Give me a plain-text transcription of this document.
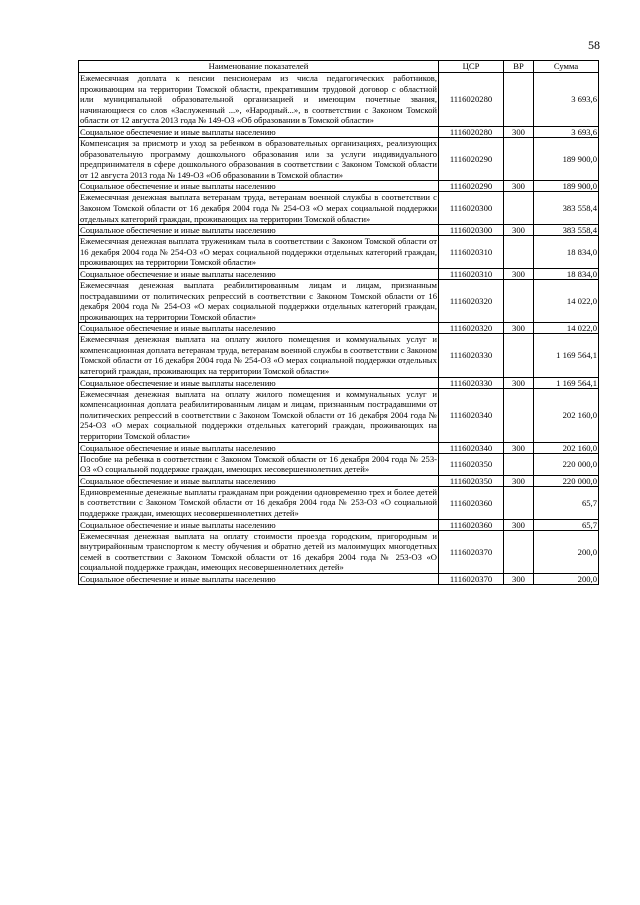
58
Наименование показателей	ЦСР	ВР	Сумма
Ежемесячная доплата к пенсии пенсионерам из числа педагогических работников, проживающим на территории Томской области, прекратившим трудовой договор с областной или муниципальной образовательной организацией и имеющим почетные звания, начинающиеся со слов «Заслуженный ...», «Народный...», в соответствии с Законом Томской области от 12 августа 2013 года № 149-ОЗ «Об образовании в Томской области»	1116020280		3 693,6
Социальное обеспечение и иные выплаты населению	1116020280	300	3 693,6
Компенсация за присмотр и уход за ребенком в образовательных организациях, реализующих образовательную программу дошкольного образования или за услуги индивидуального предпринимателя в сфере дошкольного образования в соответствии с Законом Томской области от 12 августа 2013 года № 149-ОЗ «Об образовании в Томской области»	1116020290		189 900,0
Социальное обеспечение и иные выплаты населению	1116020290	300	189 900,0
Ежемесячная денежная выплата ветеранам труда, ветеранам военной службы в соответствии с Законом Томской области от 16 декабря 2004 года № 254-ОЗ «О мерах социальной поддержки отдельных категорий граждан, проживающих на территории Томской области»	1116020300		383 558,4
Социальное обеспечение и иные выплаты населению	1116020300	300	383 558,4
Ежемесячная денежная выплата труженикам тыла в соответствии с Законом Томской области от 16 декабря 2004 года № 254-ОЗ «О мерах социальной поддержки отдельных категорий граждан, проживающих на территории Томской области»	1116020310		18 834,0
Социальное обеспечение и иные выплаты населению	1116020310	300	18 834,0
Ежемесячная денежная выплата реабилитированным лицам и лицам, признанным пострадавшими от политических репрессий в соответствии с Законом Томской области от 16 декабря 2004 года № 254-ОЗ «О мерах социальной поддержки отдельных категорий граждан, проживающих на территории Томской области»	1116020320		14 022,0
Социальное обеспечение и иные выплаты населению	1116020320	300	14 022,0
Ежемесячная денежная выплата на оплату жилого помещения и коммунальных услуг и компенсационная доплата ветеранам труда, ветеранам военной службы в соответствии с Законом Томской области от 16 декабря 2004 года № 254-ОЗ «О мерах социальной поддержки отдельных категорий граждан, проживающих на территории Томской области»	1116020330		1 169 564,1
Социальное обеспечение и иные выплаты населению	1116020330	300	1 169 564,1
Ежемесячная денежная выплата на оплату жилого помещения и коммунальных услуг и компенсационная доплата реабилитированным лицам и лицам, признанным пострадавшими от политических репрессий в соответствии с Законом Томской области от 16 декабря 2004 года № 254-ОЗ «О мерах социальной поддержки отдельных категорий граждан, проживающих на территории Томской области»	1116020340		202 160,0
Социальное обеспечение и иные выплаты населению	1116020340	300	202 160,0
Пособие на ребенка в соответствии с Законом Томской области от 16 декабря 2004 года № 253-ОЗ «О социальной поддержке граждан, имеющих несовершеннолетних детей»	1116020350		220 000,0
Социальное обеспечение и иные выплаты населению	1116020350	300	220 000,0
Единовременные денежные выплаты гражданам при рождении одновременно трех и более детей в соответствии с Законом Томской области от 16 декабря 2004 года № 253-ОЗ «О социальной поддержке граждан, имеющих несовершеннолетних детей»	1116020360		65,7
Социальное обеспечение и иные выплаты населению	1116020360	300	65,7
Ежемесячная денежная выплата на оплату стоимости проезда городским, пригородным и внутрирайонным транспортом к месту обучения и обратно детей из малоимущих многодетных семей в соответствии с Законом Томской области от 16 декабря 2004 года № 253-ОЗ «О социальной поддержке граждан, имеющих несовершеннолетних детей»	1116020370		200,0
Социальное обеспечение и иные выплаты населению	1116020370	300	200,0
